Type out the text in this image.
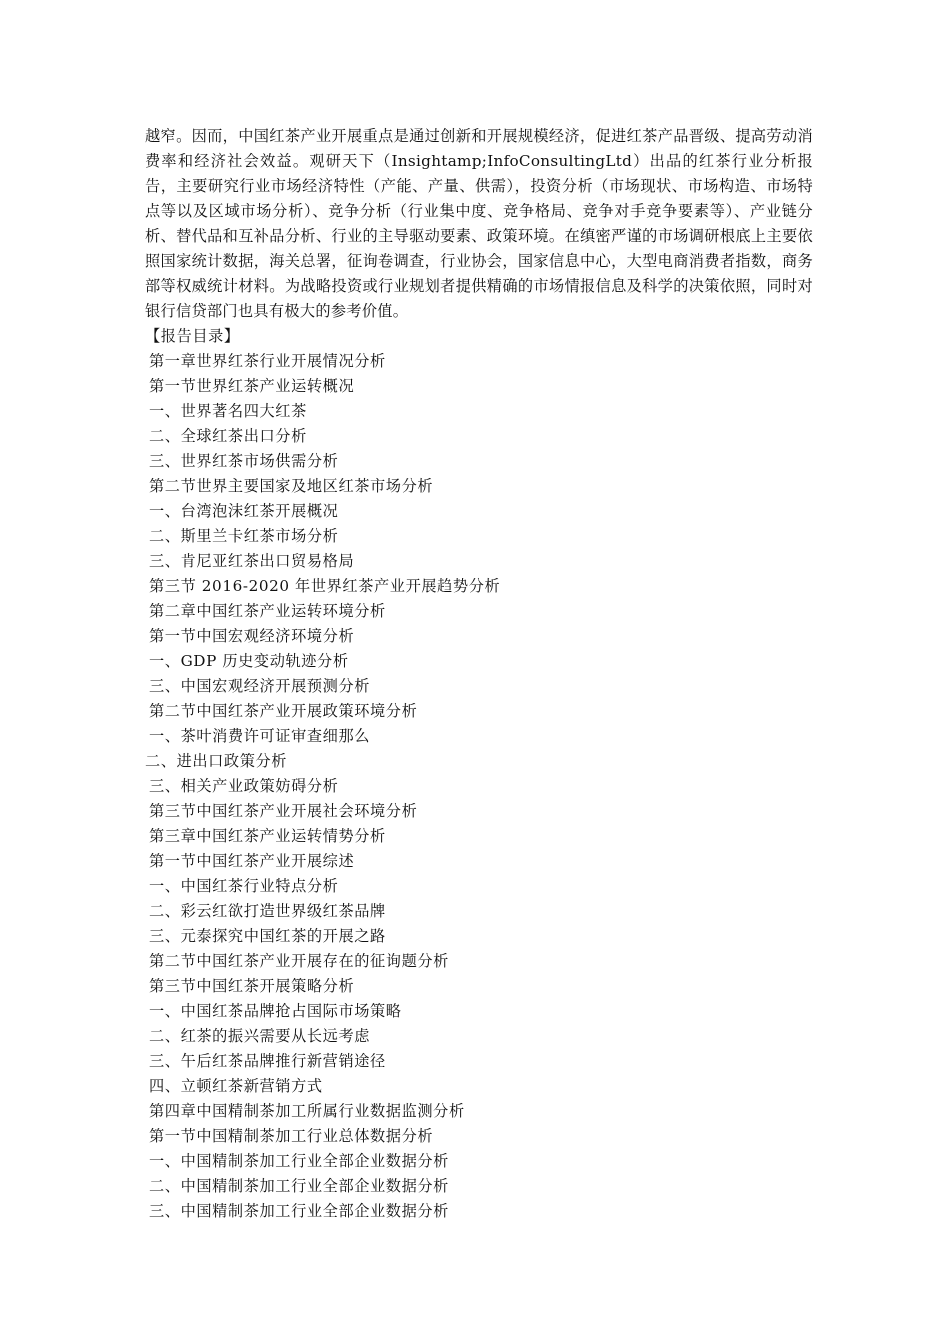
越窄。因而，中国红茶产业开展重点是通过创新和开展规模经济，促进红茶产品晋级、提高劳动消费率和经济社会效益。观研天下（Insightamp;InfoConsultingLtd）出品的红茶行业分析报告，主要研究行业市场经济特性（产能、产量、供需），投资分析（市场现状、市场构造、市场特点等以及区域市场分析）、竞争分析（行业集中度、竞争格局、竞争对手竞争要素等）、产业链分析、替代品和互补品分析、行业的主导驱动要素、政策环境。在缜密严谨的市场调研根底上主要依照国家统计数据，海关总署，征询卷调查，行业协会，国家信息中心，大型电商消费者指数，商务部等权威统计材料。为战略投资或行业规划者提供精确的市场情报信息及科学的决策依照，同时对银行信贷部门也具有极大的参考价值。

【报告目录】
第一章世界红茶行业开展情况分析
第一节世界红茶产业运转概况
一、世界著名四大红茶
二、全球红茶出口分析
三、世界红茶市场供需分析
第二节世界主要国家及地区红茶市场分析
一、台湾泡沫红茶开展概况
二、斯里兰卡红茶市场分析
三、肯尼亚红茶出口贸易格局
第三节 2016-2020 年世界红茶产业开展趋势分析
第二章中国红茶产业运转环境分析
第一节中国宏观经济环境分析
一、GDP 历史变动轨迹分析
三、中国宏观经济开展预测分析
第二节中国红茶产业开展政策环境分析
一、茶叶消费许可证审查细那么
二、进出口政策分析
三、相关产业政策妨碍分析
第三节中国红茶产业开展社会环境分析
第三章中国红茶产业运转情势分析
第一节中国红茶产业开展综述
一、中国红茶行业特点分析
二、彩云红欲打造世界级红茶品牌
三、元泰探究中国红茶的开展之路
第二节中国红茶产业开展存在的征询题分析
第三节中国红茶开展策略分析
一、中国红茶品牌抢占国际市场策略
二、红茶的振兴需要从长远考虑
三、午后红茶品牌推行新营销途径
四、立顿红茶新营销方式
第四章中国精制茶加工所属行业数据监测分析
第一节中国精制茶加工行业总体数据分析
一、中国精制茶加工行业全部企业数据分析
二、中国精制茶加工行业全部企业数据分析
三、中国精制茶加工行业全部企业数据分析
